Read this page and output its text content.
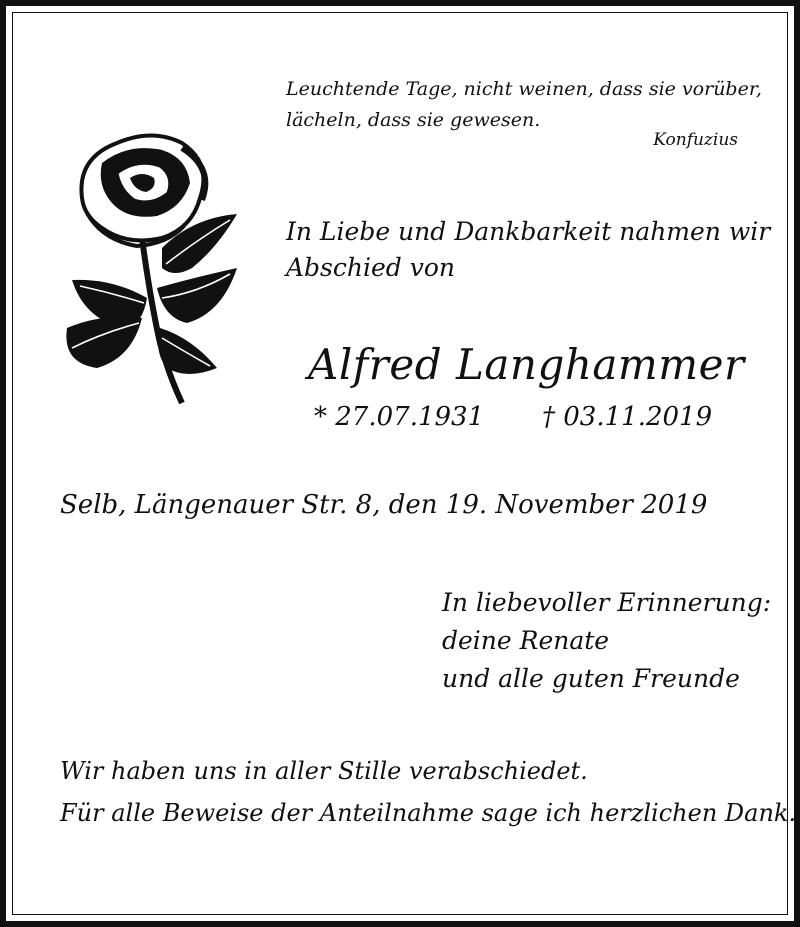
Leuchtende Tage, nicht weinen, dass sie vorüber,
lächeln, dass sie gewesen.

Konfuzius

In Liebe und Dankbarkeit nahmen wir
Abschied von

Alfred Langhammer

* 27.07.1931 † 03.11.2019

Selb, Längenauer Str. 8, den 19. November 2019

In liebevoller Erinnerung:
deine Renate
und alle guten Freunde

Wir haben uns in aller Stille verabschiedet.
Für alle Beweise der Anteilnahme sage ich herzlichen Dank.
